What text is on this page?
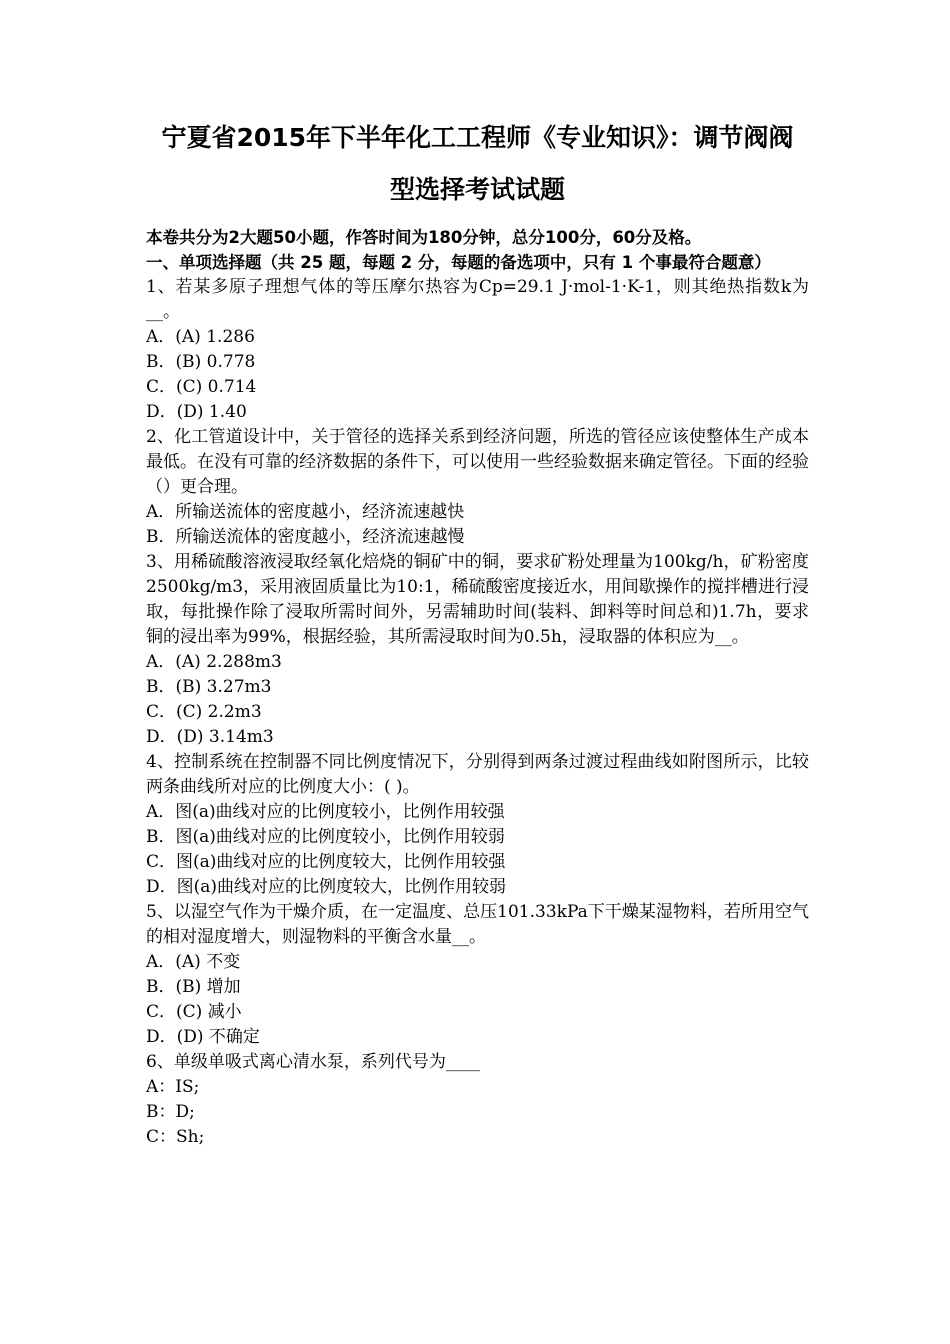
宁夏省2015年下半年化工工程师《专业知识》：调节阀阀
型选择考试试题
本卷共分为2大题50小题，作答时间为180分钟，总分100分，60分及格。
一、单项选择题（共 25 题，每题 2 分，每题的备选项中，只有 1 个事最符合题意）
1、若某多原子理想气体的等压摩尔热容为Cp=29.1 J·mol-1·K-1，则其绝热指数k为__。
A．(A) 1.286
B．(B) 0.778
C．(C) 0.714
D．(D) 1.40
2、化工管道设计中，关于管径的选择关系到经济问题，所选的管径应该使整体生产成本最低。在没有可靠的经济数据的条件下，可以使用一些经验数据来确定管径。下面的经验（）更合理。
A．所输送流体的密度越小，经济流速越快
B．所输送流体的密度越小，经济流速越慢
3、用稀硫酸溶液浸取经氧化焙烧的铜矿中的铜，要求矿粉处理量为100kg/h，矿粉密度2500kg/m3，采用液固质量比为10:1，稀硫酸密度接近水，用间歇操作的搅拌槽进行浸取，每批操作除了浸取所需时间外，另需辅助时间(装料、卸料等时间总和)1.7h，要求铜的浸出率为99%，根据经验，其所需浸取时间为0.5h，浸取器的体积应为__。
A．(A) 2.288m3
B．(B) 3.27m3
C．(C) 2.2m3
D．(D) 3.14m3
4、控制系统在控制器不同比例度情况下，分别得到两条过渡过程曲线如附图所示，比较两条曲线所对应的比例度大小：( )。
A．图(a)曲线对应的比例度较小，比例作用较强
B．图(a)曲线对应的比例度较小，比例作用较弱
C．图(a)曲线对应的比例度较大，比例作用较强
D．图(a)曲线对应的比例度较大，比例作用较弱
5、以湿空气作为干燥介质，在一定温度、总压101.33kPa下干燥某湿物料，若所用空气的相对湿度增大，则湿物料的平衡含水量__。
A．(A) 不变
B．(B) 增加
C．(C) 减小
D．(D) 不确定
6、单级单吸式离心清水泵，系列代号为____
A：IS;
B：D;
C：Sh;
